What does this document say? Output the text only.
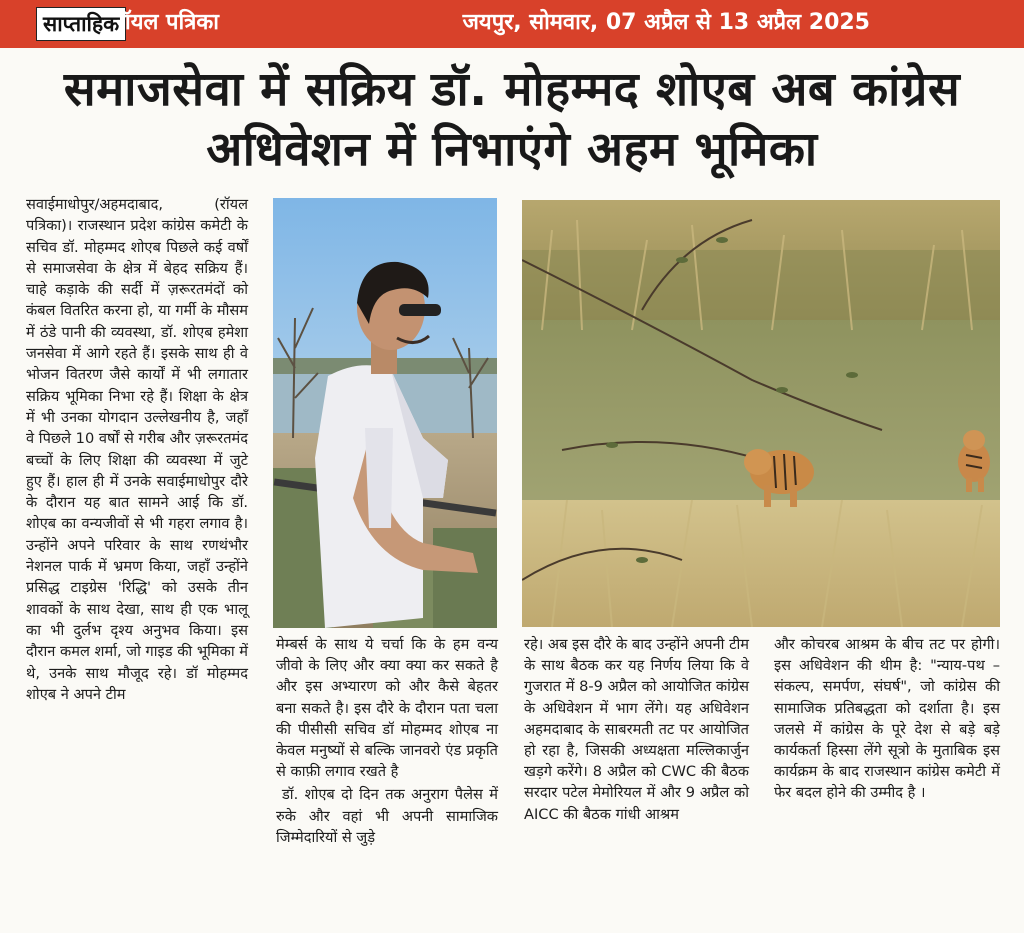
साप्ताहिक
रॉयल पत्रिका	जयपुर, सोमवार, 07 अप्रैल से 13 अप्रैल 2025
समाजसेवा में सक्रिय डॉ. मोहम्मद शोएब अब कांग्रेस
अधिवेशन में निभाएंगे अहम भूमिका
सवाईमाधोपुर/अहमदाबाद, (रॉयल पत्रिका)। राजस्थान प्रदेश कांग्रेस कमेटी के सचिव डॉ. मोहम्मद शोएब पिछले कई वर्षों से समाजसेवा के क्षेत्र में बेहद सक्रिय हैं। चाहे कड़ाके की सर्दी में ज़रूरतमंदों को कंबल वितरित करना हो, या गर्मी के मौसम में ठंडे पानी की व्यवस्था, डॉ. शोएब हमेशा जनसेवा में आगे रहते हैं। इसके साथ ही वे भोजन वितरण जैसे कार्यों में भी लगातार सक्रिय भूमिका निभा रहे हैं। शिक्षा के क्षेत्र में भी उनका योगदान उल्लेखनीय है, जहाँ वे पिछले 10 वर्षों से गरीब और ज़रूरतमंद बच्चों के लिए शिक्षा की व्यवस्था में जुटे हुए हैं। हाल ही में उनके सवाईमाधोपुर दौरे के दौरान यह बात सामने आई कि डॉ. शोएब का वन्यजीवों से भी गहरा लगाव है। उन्होंने अपने परिवार के साथ रणथंभौर नेशनल पार्क में भ्रमण किया, जहाँ उन्होंने प्रसिद्ध टाइग्रेस 'रिद्धि' को उसके तीन शावकों के साथ देखा, साथ ही एक भालू का भी दुर्लभ दृश्य अनुभव किया। इस दौरान कमल शर्मा, जो गाइड की भूमिका में थे, उनके साथ मौजूद रहे। डॉ मोहम्मद शोएब ने अपने टीम
मेम्बर्स के साथ ये चर्चा कि के हम वन्य जीवो के लिए और क्या क्या कर सकते है और इस अभ्यारण को और कैसे बेहतर बना सकते है। इस दौरे के दौरान पता चला की पीसीसी सचिव डॉ मोहम्मद शोएब ना केवल मनुष्यों से बल्कि जानवरो एंड प्रकृति से काफ़ी लगाव रखते है
डॉ. शोएब दो दिन तक अनुराग पैलेस में रुके और वहां भी अपनी सामाजिक जिम्मेदारियों से जुड़े
रहे। अब इस दौरे के बाद उन्होंने अपनी टीम के साथ बैठक कर यह निर्णय लिया कि वे गुजरात में 8-9 अप्रैल को आयोजित कांग्रेस के अधिवेशन में भाग लेंगे। यह अधिवेशन अहमदाबाद के साबरमती तट पर आयोजित हो रहा है, जिसकी अध्यक्षता मल्लिकार्जुन खड़गे करेंगे। 8 अप्रैल को CWC की बैठक सरदार पटेल मेमोरियल में और 9 अप्रैल को AICC की बैठक गांधी आश्रम
और कोचरब आश्रम के बीच तट पर होगी। इस अधिवेशन की थीम है: "न्याय-पथ – संकल्प, समर्पण, संघर्ष", जो कांग्रेस की सामाजिक प्रतिबद्धता को दर्शाता है। इस जलसे में कांग्रेस के पूरे देश से बड़े बड़े कार्यकर्ता हिस्सा लेंगे सूत्रो के मुताबिक इस कार्यक्रम के बाद राजस्थान कांग्रेस कमेटी में फेर बदल होने की उम्मीद है ।
